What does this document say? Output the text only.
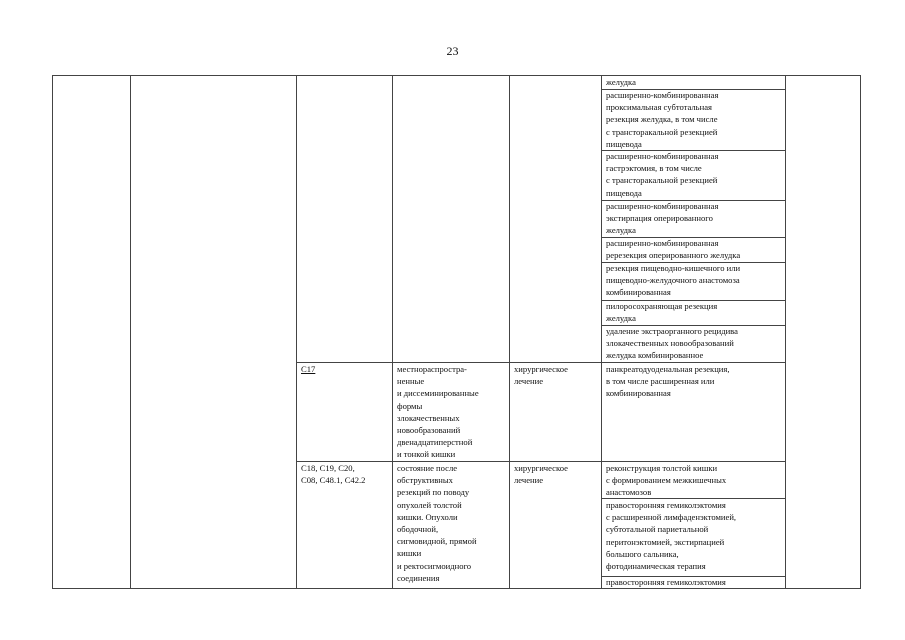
23
желудка
расширенно-комбинированная
проксимальная субтотальная
резекция желудка, в том числе
с трансторакальной резекцией
пищевода
расширенно-комбинированная
гастрэктомия, в том числе
с трансторакальной резекцией
пищевода
расширенно-комбинированная
экстирпация оперированного
желудка
расширенно-комбинированная
ререзекция оперированного желудка
резекция пищеводно-кишечного или
пищеводно-желудочного анастомоза
комбинированная
пилоросохраняющая резекция
желудка
удаление экстраорганного рецидива
злокачественных новообразований
желудка комбинированное
C17	местнораспростра-
ненные
и диссеминированные
формы
злокачественных
новообразований
двенадцатиперстной
и тонкой кишки
хирургическое
лечение
панкреатодуоденальная резекция,
в том числе расширенная или
комбинированная
C18, C19, C20,
C08, C48.1, C42.2
состояние после
обструктивных
резекций по поводу
опухолей толстой
кишки. Опухоли
ободочной,
сигмовидной, прямой
кишки
и ректосигмоидного
соединения
хирургическое
лечение
реконструкция толстой кишки
с формированием межкишечных
анастомозов
правосторонняя гемиколэктомия
с расширенной лимфаденэктомией,
субтотальной париетальной
перитонэктомией, экстирпацией
большого сальника,
фотодинамическая терапия
правосторонняя гемиколэктомия
